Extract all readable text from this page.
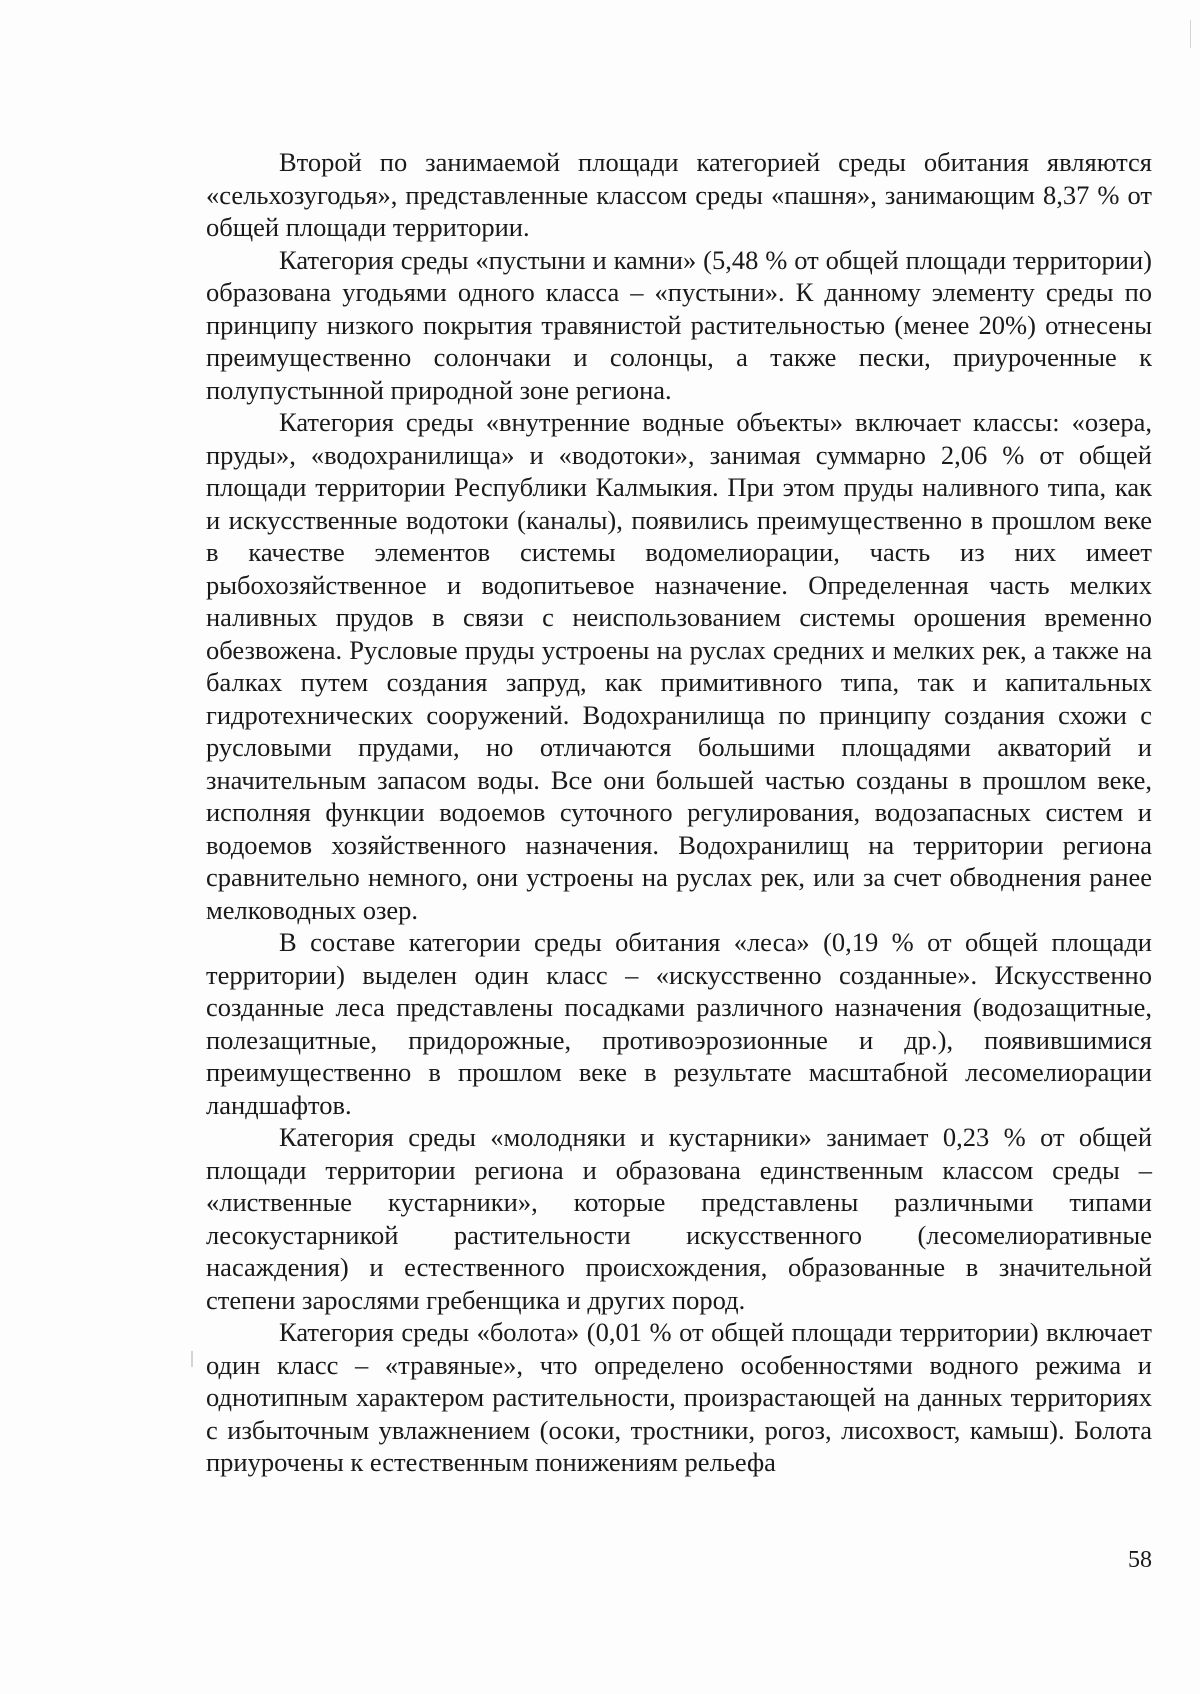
Второй по занимаемой площади категорией среды обитания являются «сельхозугодья», представленные классом среды «пашня», занимающим 8,37 % от общей площади территории.

Категория среды «пустыни и камни» (5,48 % от общей площади территории) образована угодьями одного класса – «пустыни». К данному элементу среды по принципу низкого покрытия травянистой растительностью (менее 20%) отнесены преимущественно солончаки и солонцы, а также пески, приуроченные к полупустынной природной зоне региона.

Категория среды «внутренние водные объекты» включает классы: «озера, пруды», «водохранилища» и «водотоки», занимая суммарно 2,06 % от общей площади территории Республики Калмыкия. При этом пруды наливного типа, как и искусственные водотоки (каналы), появились преимущественно в прошлом веке в качестве элементов системы водомелиорации, часть из них имеет рыбохозяйственное и водопитьевое назначение. Определенная часть мелких наливных прудов в связи с неиспользованием системы орошения временно обезвожена. Русловые пруды устроены на руслах средних и мелких рек, а также на балках путем создания запруд, как примитивного типа, так и капитальных гидротехнических сооружений. Водохранилища по принципу создания схожи с русловыми прудами, но отличаются большими площадями акваторий и значительным запасом воды. Все они большей частью созданы в прошлом веке, исполняя функции водоемов суточного регулирования, водозапасных систем и водоемов хозяйственного назначения. Водохранилищ на территории региона сравнительно немного, они устроены на руслах рек, или за счет обводнения ранее мелководных озер.

В составе категории среды обитания «леса» (0,19 % от общей площади территории) выделен один класс – «искусственно созданные». Искусственно созданные леса представлены посадками различного назначения (водозащитные, полезащитные, придорожные, противоэрозионные и др.), появившимися преимущественно в прошлом веке в результате масштабной лесомелиорации ландшафтов.

Категория среды «молодняки и кустарники» занимает 0,23 % от общей площади территории региона и образована единственным классом среды – «лиственные кустарники», которые представлены различными типами лесокустарникой растительности искусственного (лесомелиоративные насаждения) и естественного происхождения, образованные в значительной степени зарослями гребенщика и других пород.

Категория среды «болота» (0,01 % от общей площади территории) включает один класс – «травяные», что определено особенностями водного режима и однотипным характером растительности, произрастающей на данных территориях с избыточным увлажнением (осоки, тростники, рогоз, лисохвост, камыш). Болота приурочены к естественным понижениям рельефа

58
